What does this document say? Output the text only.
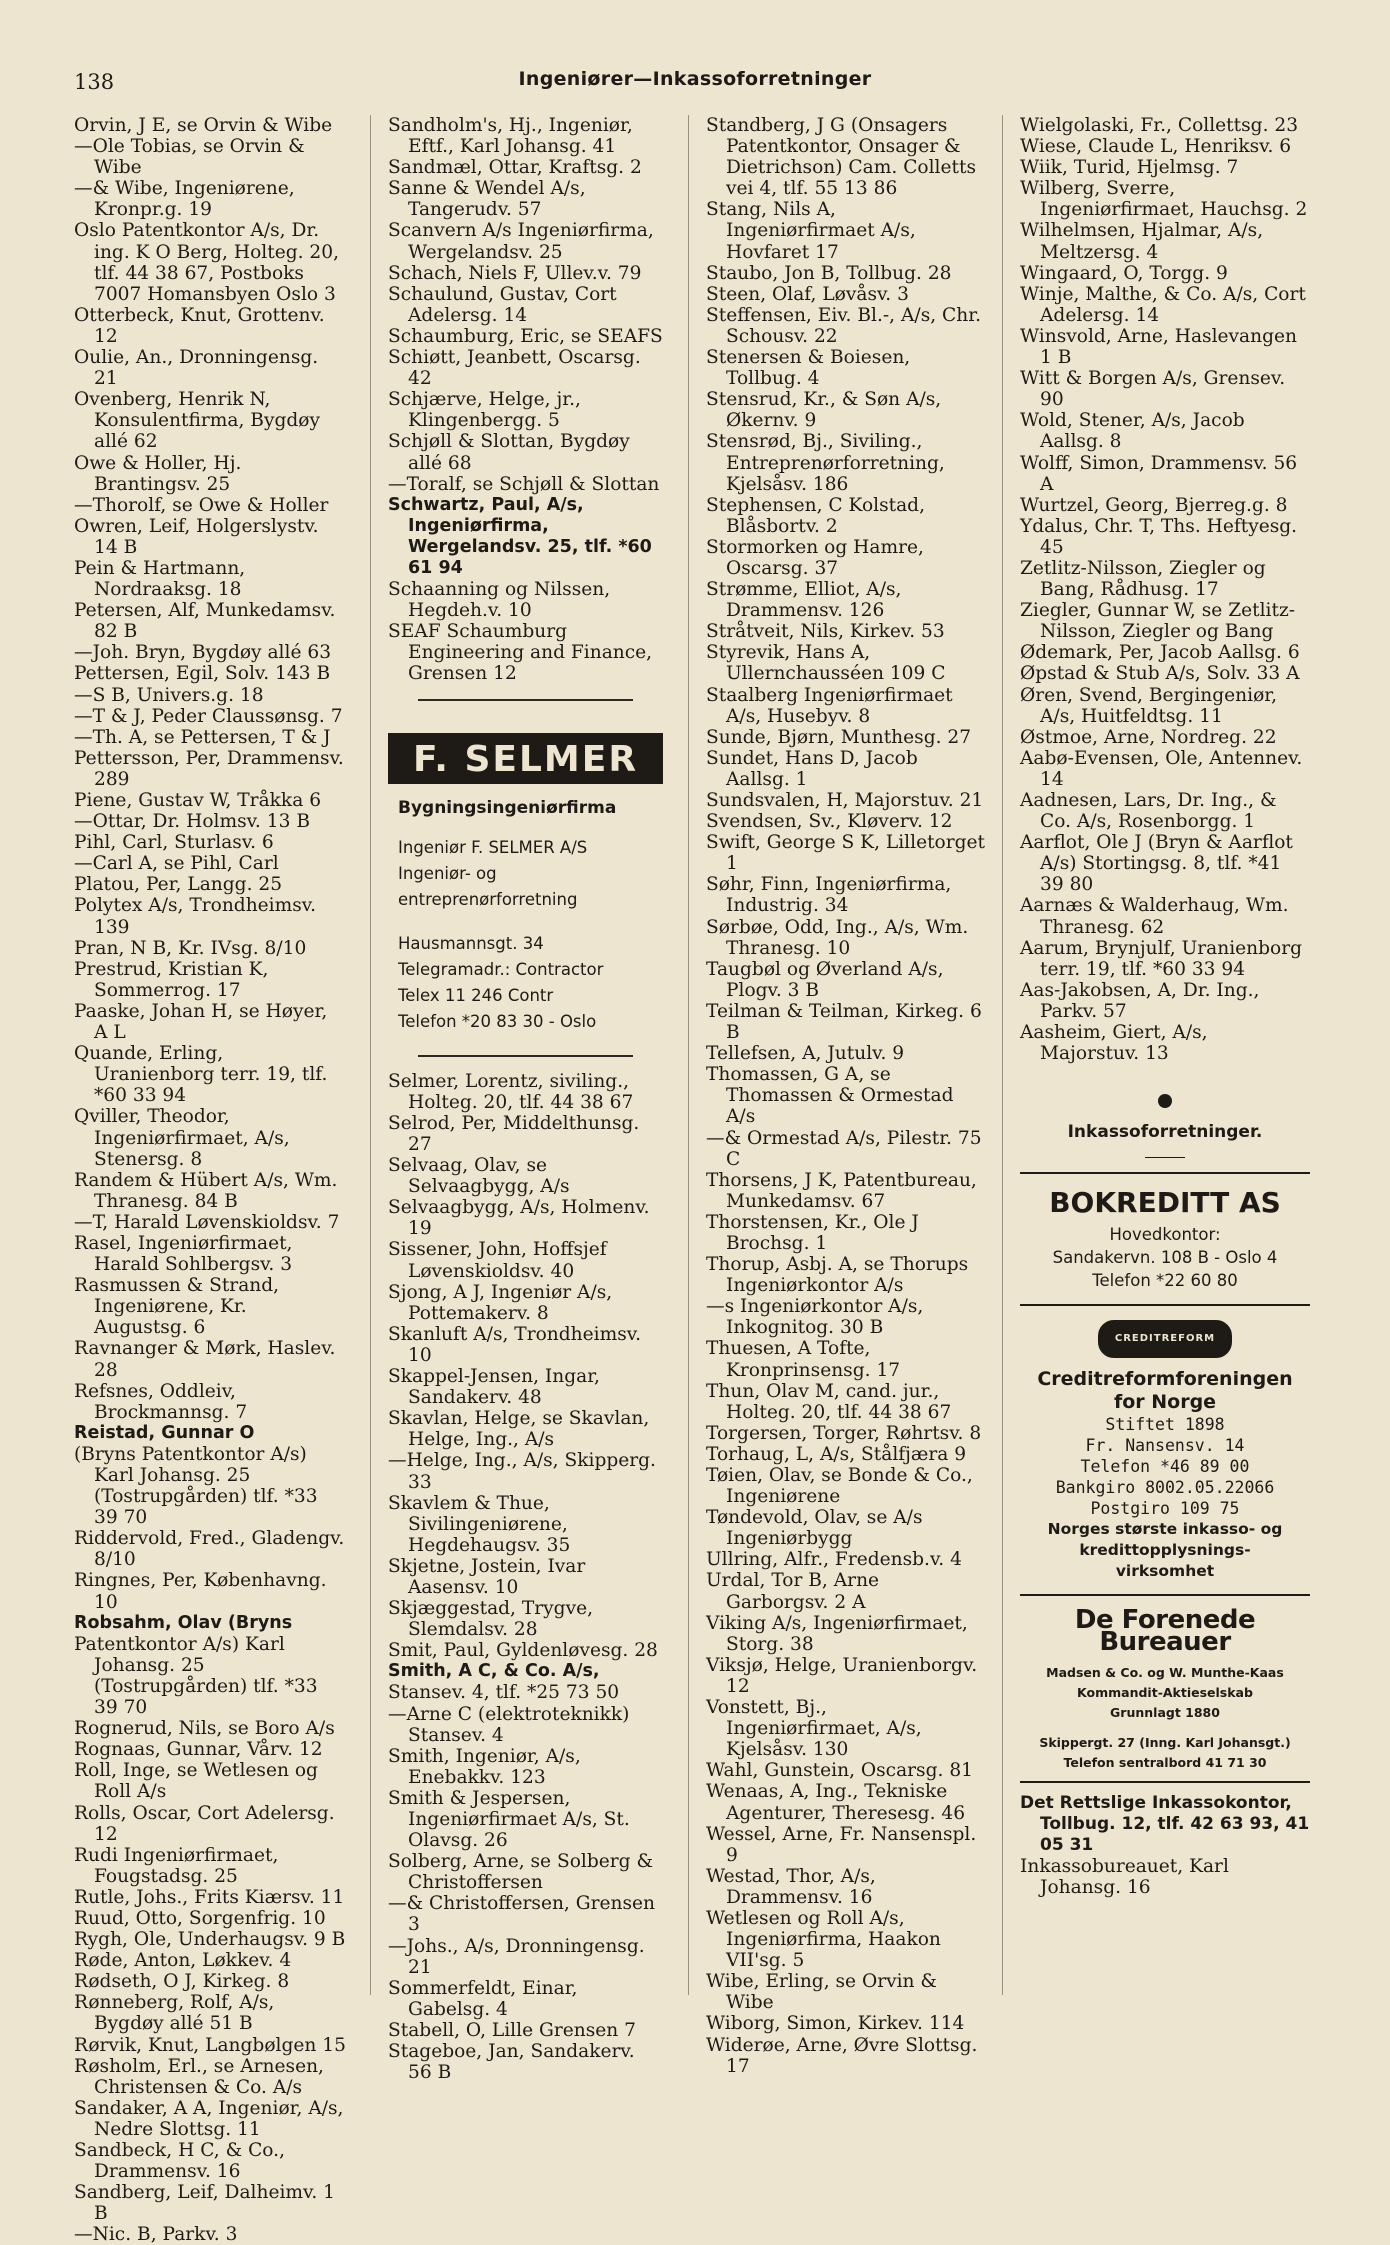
138	Ingeniører—Inkassoforretninger

Orvin, J E, se Orvin & Wibe

—Ole Tobias, se Orvin & Wibe

—& Wibe, Ingeniørene, Kronpr.g. 19

Oslo Patentkontor A/s, Dr. ing. K O Berg, Holteg. 20, tlf. 44 38 67, Postboks 7007 Homansbyen Oslo 3

Otterbeck, Knut, Grottenv. 12

Oulie, An., Dronningensg. 21

Ovenberg, Henrik N, Konsulentfirma, Bygdøy allé 62

Owe & Holler, Hj. Brantingsv. 25

—Thorolf, se Owe & Holler

Owren, Leif, Holgerslystv. 14 B

Pein & Hartmann, Nordraaksg. 18

Petersen, Alf, Munkedamsv. 82 B

—Joh. Bryn, Bygdøy allé 63

Pettersen, Egil, Solv. 143 B

—S B, Univers.g. 18

—T & J, Peder Claussønsg. 7

—Th. A, se Pettersen, T & J

Pettersson, Per, Drammensv. 289

Piene, Gustav W, Tråkka 6

—Ottar, Dr. Holmsv. 13 B

Pihl, Carl, Sturlasv. 6

—Carl A, se Pihl, Carl

Platou, Per, Langg. 25

Polytex A/s, Trondheimsv. 139

Pran, N B, Kr. IVsg. 8/10

Prestrud, Kristian K, Sommerrog. 17

Paaske, Johan H, se Høyer, A L

Quande, Erling, Uranienborg terr. 19, tlf. *60 33 94

Qviller, Theodor, Ingeniørfirmaet, A/s, Stenersg. 8

Randem & Hübert A/s, Wm. Thranesg. 84 B

—T, Harald Løvenskioldsv. 7

Rasel, Ingeniørfirmaet, Harald Sohlbergsv. 3

Rasmussen & Strand, Ingeniørene, Kr. Augustsg. 6

Ravnanger & Mørk, Haslev. 28

Refsnes, Oddleiv, Brockmannsg. 7

Reistad, Gunnar O

(Bryns Patentkontor A/s) Karl Johansg. 25 (Tostrupgården) tlf. *33 39 70

Riddervold, Fred., Gladengv. 8/10

Ringnes, Per, Københavng. 10

Robsahm, Olav (Bryns

Patentkontor A/s) Karl Johansg. 25 (Tostrupgården) tlf. *33 39 70

Rognerud, Nils, se Boro A/s

Rognaas, Gunnar, Vårv. 12

Roll, Inge, se Wetlesen og Roll A/s

Rolls, Oscar, Cort Adelersg. 12

Rudi Ingeniørfirmaet, Fougstadsg. 25

Rutle, Johs., Frits Kiærsv. 11

Ruud, Otto, Sorgenfrig. 10

Rygh, Ole, Underhaugsv. 9 B

Røde, Anton, Løkkev. 4

Rødseth, O J, Kirkeg. 8

Rønneberg, Rolf, A/s, Bygdøy allé 51 B

Rørvik, Knut, Langbølgen 15

Røsholm, Erl., se Arnesen, Christensen & Co. A/s

Sandaker, A A, Ingeniør, A/s, Nedre Slottsg. 11

Sandbeck, H C, & Co., Drammensv. 16

Sandberg, Leif, Dalheimv. 1 B

—Nic. B, Parkv. 3

Sandholm's, Hj., Ingeniør, Eftf., Karl Johansg. 41

Sandmæl, Ottar, Kraftsg. 2

Sanne & Wendel A/s, Tangerudv. 57

Scanvern A/s Ingeniørfirma, Wergelandsv. 25

Schach, Niels F, Ullev.v. 79

Schaulund, Gustav, Cort Adelersg. 14

Schaumburg, Eric, se SEAFS

Schiøtt, Jeanbett, Oscarsg. 42

Schjærve, Helge, jr., Klingenbergg. 5

Schjøll & Slottan, Bygdøy allé 68

—Toralf, se Schjøll & Slottan

Schwartz, Paul, A/s, Ingeniørfirma, Wergelandsv. 25, tlf. *60 61 94

Schaanning og Nilssen, Hegdeh.v. 10

SEAF Schaumburg Engineering and Finance, Grensen 12

F. SELMER
Bygningsingeniørfirma
Ingeniør F. SELMER A/S
Ingeniør- og
entreprenørforretning
Hausmannsgt. 34
Telegramadr.: Contractor
Telex 11 246 Contr
Telefon *20 83 30 - Oslo

Selmer, Lorentz, siviling., Holteg. 20, tlf. 44 38 67

Selrod, Per, Middelthunsg. 27

Selvaag, Olav, se Selvaagbygg, A/s

Selvaagbygg, A/s, Holmenv. 19

Sissener, John, Hoffsjef Løvenskioldsv. 40

Sjong, A J, Ingeniør A/s, Pottemakerv. 8

Skanluft A/s, Trondheimsv. 10

Skappel-Jensen, Ingar, Sandakerv. 48

Skavlan, Helge, se Skavlan, Helge, Ing., A/s

—Helge, Ing., A/s, Skipperg. 33

Skavlem & Thue, Sivilingeniørene, Hegdehaugsv. 35

Skjetne, Jostein, Ivar Aasensv. 10

Skjæggestad, Trygve, Slemdalsv. 28

Smit, Paul, Gyldenløvesg. 28

Smith, A C, & Co. A/s,

Stansev. 4, tlf. *25 73 50

—Arne C (elektroteknikk) Stansev. 4

Smith, Ingeniør, A/s, Enebakkv. 123

Smith & Jespersen, Ingeniørfirmaet A/s, St. Olavsg. 26

Solberg, Arne, se Solberg & Christoffersen

—& Christoffersen, Grensen 3

—Johs., A/s, Dronningensg. 21

Sommerfeldt, Einar, Gabelsg. 4

Stabell, O, Lille Grensen 7

Stageboe, Jan, Sandakerv. 56 B

Standberg, J G (Onsagers Patentkontor, Onsager & Dietrichson) Cam. Colletts vei 4, tlf. 55 13 86

Stang, Nils A, Ingeniørfirmaet A/s, Hovfaret 17

Staubo, Jon B, Tollbug. 28

Steen, Olaf, Løvåsv. 3

Steffensen, Eiv. Bl.-, A/s, Chr. Schousv. 22

Stenersen & Boiesen, Tollbug. 4

Stensrud, Kr., & Søn A/s, Økernv. 9

Stensrød, Bj., Siviling., Entreprenørforretning, Kjelsåsv. 186

Stephensen, C Kolstad, Blåsbortv. 2

Stormorken og Hamre, Oscarsg. 37

Strømme, Elliot, A/s, Drammensv. 126

Stråtveit, Nils, Kirkev. 53

Styrevik, Hans A, Ullernchausséen 109 C

Staalberg Ingeniørfirmaet A/s, Husebyv. 8

Sunde, Bjørn, Munthesg. 27

Sundet, Hans D, Jacob Aallsg. 1

Sundsvalen, H, Majorstuv. 21

Svendsen, Sv., Kløverv. 12

Swift, George S K, Lilletorget 1

Søhr, Finn, Ingeniørfirma, Industrig. 34

Sørbøe, Odd, Ing., A/s, Wm. Thranesg. 10

Taugbøl og Øverland A/s, Plogv. 3 B

Teilman & Teilman, Kirkeg. 6 B

Tellefsen, A, Jutulv. 9

Thomassen, G A, se Thomassen & Ormestad A/s

—& Ormestad A/s, Pilestr. 75 C

Thorsens, J K, Patentbureau, Munkedamsv. 67

Thorstensen, Kr., Ole J Brochsg. 1

Thorup, Asbj. A, se Thorups Ingeniørkontor A/s

—s Ingeniørkontor A/s, Inkognitog. 30 B

Thuesen, A Tofte, Kronprinsensg. 17

Thun, Olav M, cand. jur., Holteg. 20, tlf. 44 38 67

Torgersen, Torger, Røhrtsv. 8

Torhaug, L, A/s, Stålfjæra 9

Tøien, Olav, se Bonde & Co., Ingeniørene

Tøndevold, Olav, se A/s Ingeniørbygg

Ullring, Alfr., Fredensb.v. 4

Urdal, Tor B, Arne Garborgsv. 2 A

Viking A/s, Ingeniørfirmaet, Storg. 38

Viksjø, Helge, Uranienborgv. 12

Vonstett, Bj., Ingeniørfirmaet, A/s, Kjelsåsv. 130

Wahl, Gunstein, Oscarsg. 81

Wenaas, A, Ing., Tekniske Agenturer, Theresesg. 46

Wessel, Arne, Fr. Nansenspl. 9

Westad, Thor, A/s, Drammensv. 16

Wetlesen og Roll A/s, Ingeniørfirma, Haakon VII'sg. 5

Wibe, Erling, se Orvin & Wibe

Wiborg, Simon, Kirkev. 114

Widerøe, Arne, Øvre Slottsg. 17

Wielgolaski, Fr., Collettsg. 23

Wiese, Claude L, Henriksv. 6

Wiik, Turid, Hjelmsg. 7

Wilberg, Sverre, Ingeniørfirmaet, Hauchsg. 2

Wilhelmsen, Hjalmar, A/s, Meltzersg. 4

Wingaard, O, Torgg. 9

Winje, Malthe, & Co. A/s, Cort Adelersg. 14

Winsvold, Arne, Haslevangen 1 B

Witt & Borgen A/s, Grensev. 90

Wold, Stener, A/s, Jacob Aallsg. 8

Wolff, Simon, Drammensv. 56 A

Wurtzel, Georg, Bjerreg.g. 8

Ydalus, Chr. T, Ths. Heftyesg. 45

Zetlitz-Nilsson, Ziegler og Bang, Rådhusg. 17

Ziegler, Gunnar W, se Zetlitz-Nilsson, Ziegler og Bang

Ødemark, Per, Jacob Aallsg. 6

Øpstad & Stub A/s, Solv. 33 A

Øren, Svend, Bergingeniør, A/s, Huitfeldtsg. 11

Østmoe, Arne, Nordreg. 22

Aabø-Evensen, Ole, Antennev. 14

Aadnesen, Lars, Dr. Ing., & Co. A/s, Rosenborgg. 1

Aarflot, Ole J (Bryn & Aarflot A/s) Stortingsg. 8, tlf. *41 39 80

Aarnæs & Walderhaug, Wm. Thranesg. 62

Aarum, Brynjulf, Uranienborg terr. 19, tlf. *60 33 94

Aas-Jakobsen, A, Dr. Ing., Parkv. 57

Aasheim, Giert, A/s, Majorstuv. 13

Inkassoforretninger.
BOKREDITT AS
Hovedkontor:
Sandakervn. 108 B - Oslo 4
Telefon *22 60 80
CREDITREFORM
Creditreformforeningen
for Norge
Stiftet 1898
Fr. Nansensv. 14
Telefon *46 89 00
Bankgiro 8002.05.22066
Postgiro 109 75
Norges største inkasso- og
kredittopplysnings-
virksomhet
De Forenede Bureauer
Madsen & Co. og W. Munthe-Kaas
Kommandit-Aktieselskab
Grunnlagt 1880
Skippergt. 27 (Inng. Karl Johansgt.)
Telefon sentralbord 41 71 30

Det Rettslige Inkassokontor, Tollbug. 12, tlf. 42 63 93, 41 05 31

Inkassobureauet, Karl Johansg. 16
